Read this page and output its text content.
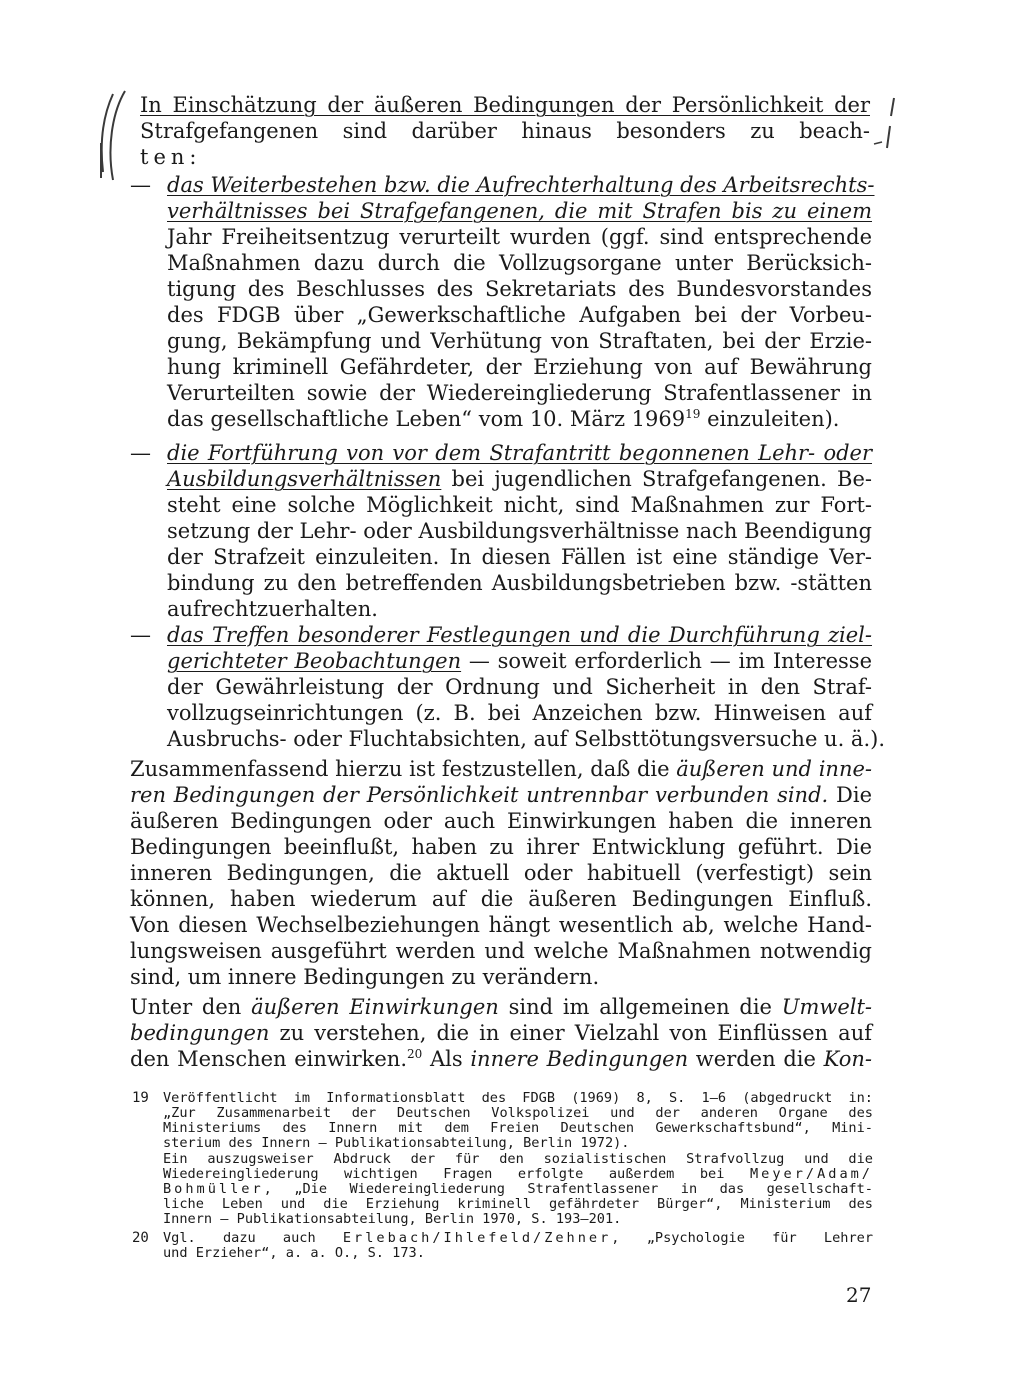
In Einschätzung der äußeren Bedingungen der Persönlichkeit der
Strafgefangenen sind darüber hinaus besonders zu beach-
ten:
— das Weiterbestehen bzw. die Aufrechterhaltung des Arbeitsrechts-
verhältnisses bei Strafgefangenen, die mit Strafen bis zu einem
Jahr Freiheitsentzug verurteilt wurden (ggf. sind entsprechende
Maßnahmen dazu durch die Vollzugsorgane unter Berücksich-
tigung des Beschlusses des Sekretariats des Bundesvorstandes
des FDGB über „Gewerkschaftliche Aufgaben bei der Vorbeu-
gung, Bekämpfung und Verhütung von Straftaten, bei der Erzie-
hung kriminell Gefährdeter, der Erziehung von auf Bewährung
Verurteilten sowie der Wiedereingliederung Strafentlassener in
das gesellschaftliche Leben“ vom 10. März 1969$^{19}$ einzuleiten).
— die Fortführung von vor dem Strafantritt begonnenen Lehr- oder
Ausbildungsverhältnissen bei jugendlichen Strafgefangenen. Be-
steht eine solche Möglichkeit nicht, sind Maßnahmen zur Fort-
setzung der Lehr- oder Ausbildungsverhältnisse nach Beendigung
der Strafzeit einzuleiten. In diesen Fällen ist eine ständige Ver-
bindung zu den betreffenden Ausbildungsbetrieben bzw. -stätten
aufrechtzuerhalten.
— das Treffen besonderer Festlegungen und die Durchführung ziel-
gerichteter Beobachtungen — soweit erforderlich — im Interesse
der Gewährleistung der Ordnung und Sicherheit in den Straf-
vollzugseinrichtungen (z. B. bei Anzeichen bzw. Hinweisen auf
Ausbruchs- oder Fluchtabsichten, auf Selbsttötungsversuche u. ä.).
Zusammenfassend hierzu ist festzustellen, daß die äußeren und inne-
ren Bedingungen der Persönlichkeit untrennbar verbunden sind. Die
äußeren Bedingungen oder auch Einwirkungen haben die inneren
Bedingungen beeinflußt, haben zu ihrer Entwicklung geführt. Die
inneren Bedingungen, die aktuell oder habituell (verfestigt) sein
können, haben wiederum auf die äußeren Bedingungen Einfluß.
Von diesen Wechselbeziehungen hängt wesentlich ab, welche Hand-
lungsweisen ausgeführt werden und welche Maßnahmen notwendig
sind, um innere Bedingungen zu verändern.
Unter den äußeren Einwirkungen sind im allgemeinen die Umwelt-
bedingungen zu verstehen, die in einer Vielzahl von Einflüssen auf
den Menschen einwirken.$^{20}$ Als innere Bedingungen werden die Kon-
19 Veröffentlicht im Informationsblatt des FDGB (1969) 8, S. 1–6 (abgedruckt in:
„Zur Zusammenarbeit der Deutschen Volkspolizei und der anderen Organe des
Ministeriums des Innern mit dem Freien Deutschen Gewerkschaftsbund“, Mini-
sterium des Innern – Publikationsabteilung, Berlin 1972).
Ein auszugsweiser Abdruck der für den sozialistischen Strafvollzug und die
Wiedereingliederung wichtigen Fragen erfolgte außerdem bei Meyer/Adam/
Bohmüller, „Die Wiedereingliederung Strafentlassener in das gesellschaft-
liche Leben und die Erziehung kriminell gefährdeter Bürger“, Ministerium des
Innern – Publikationsabteilung, Berlin 1970, S. 193–201.
20 Vgl. dazu auch Erlebach/Ihlefeld/Zehner, „Psychologie für Lehrer
und Erzieher“, a. a. O., S. 173.
27
